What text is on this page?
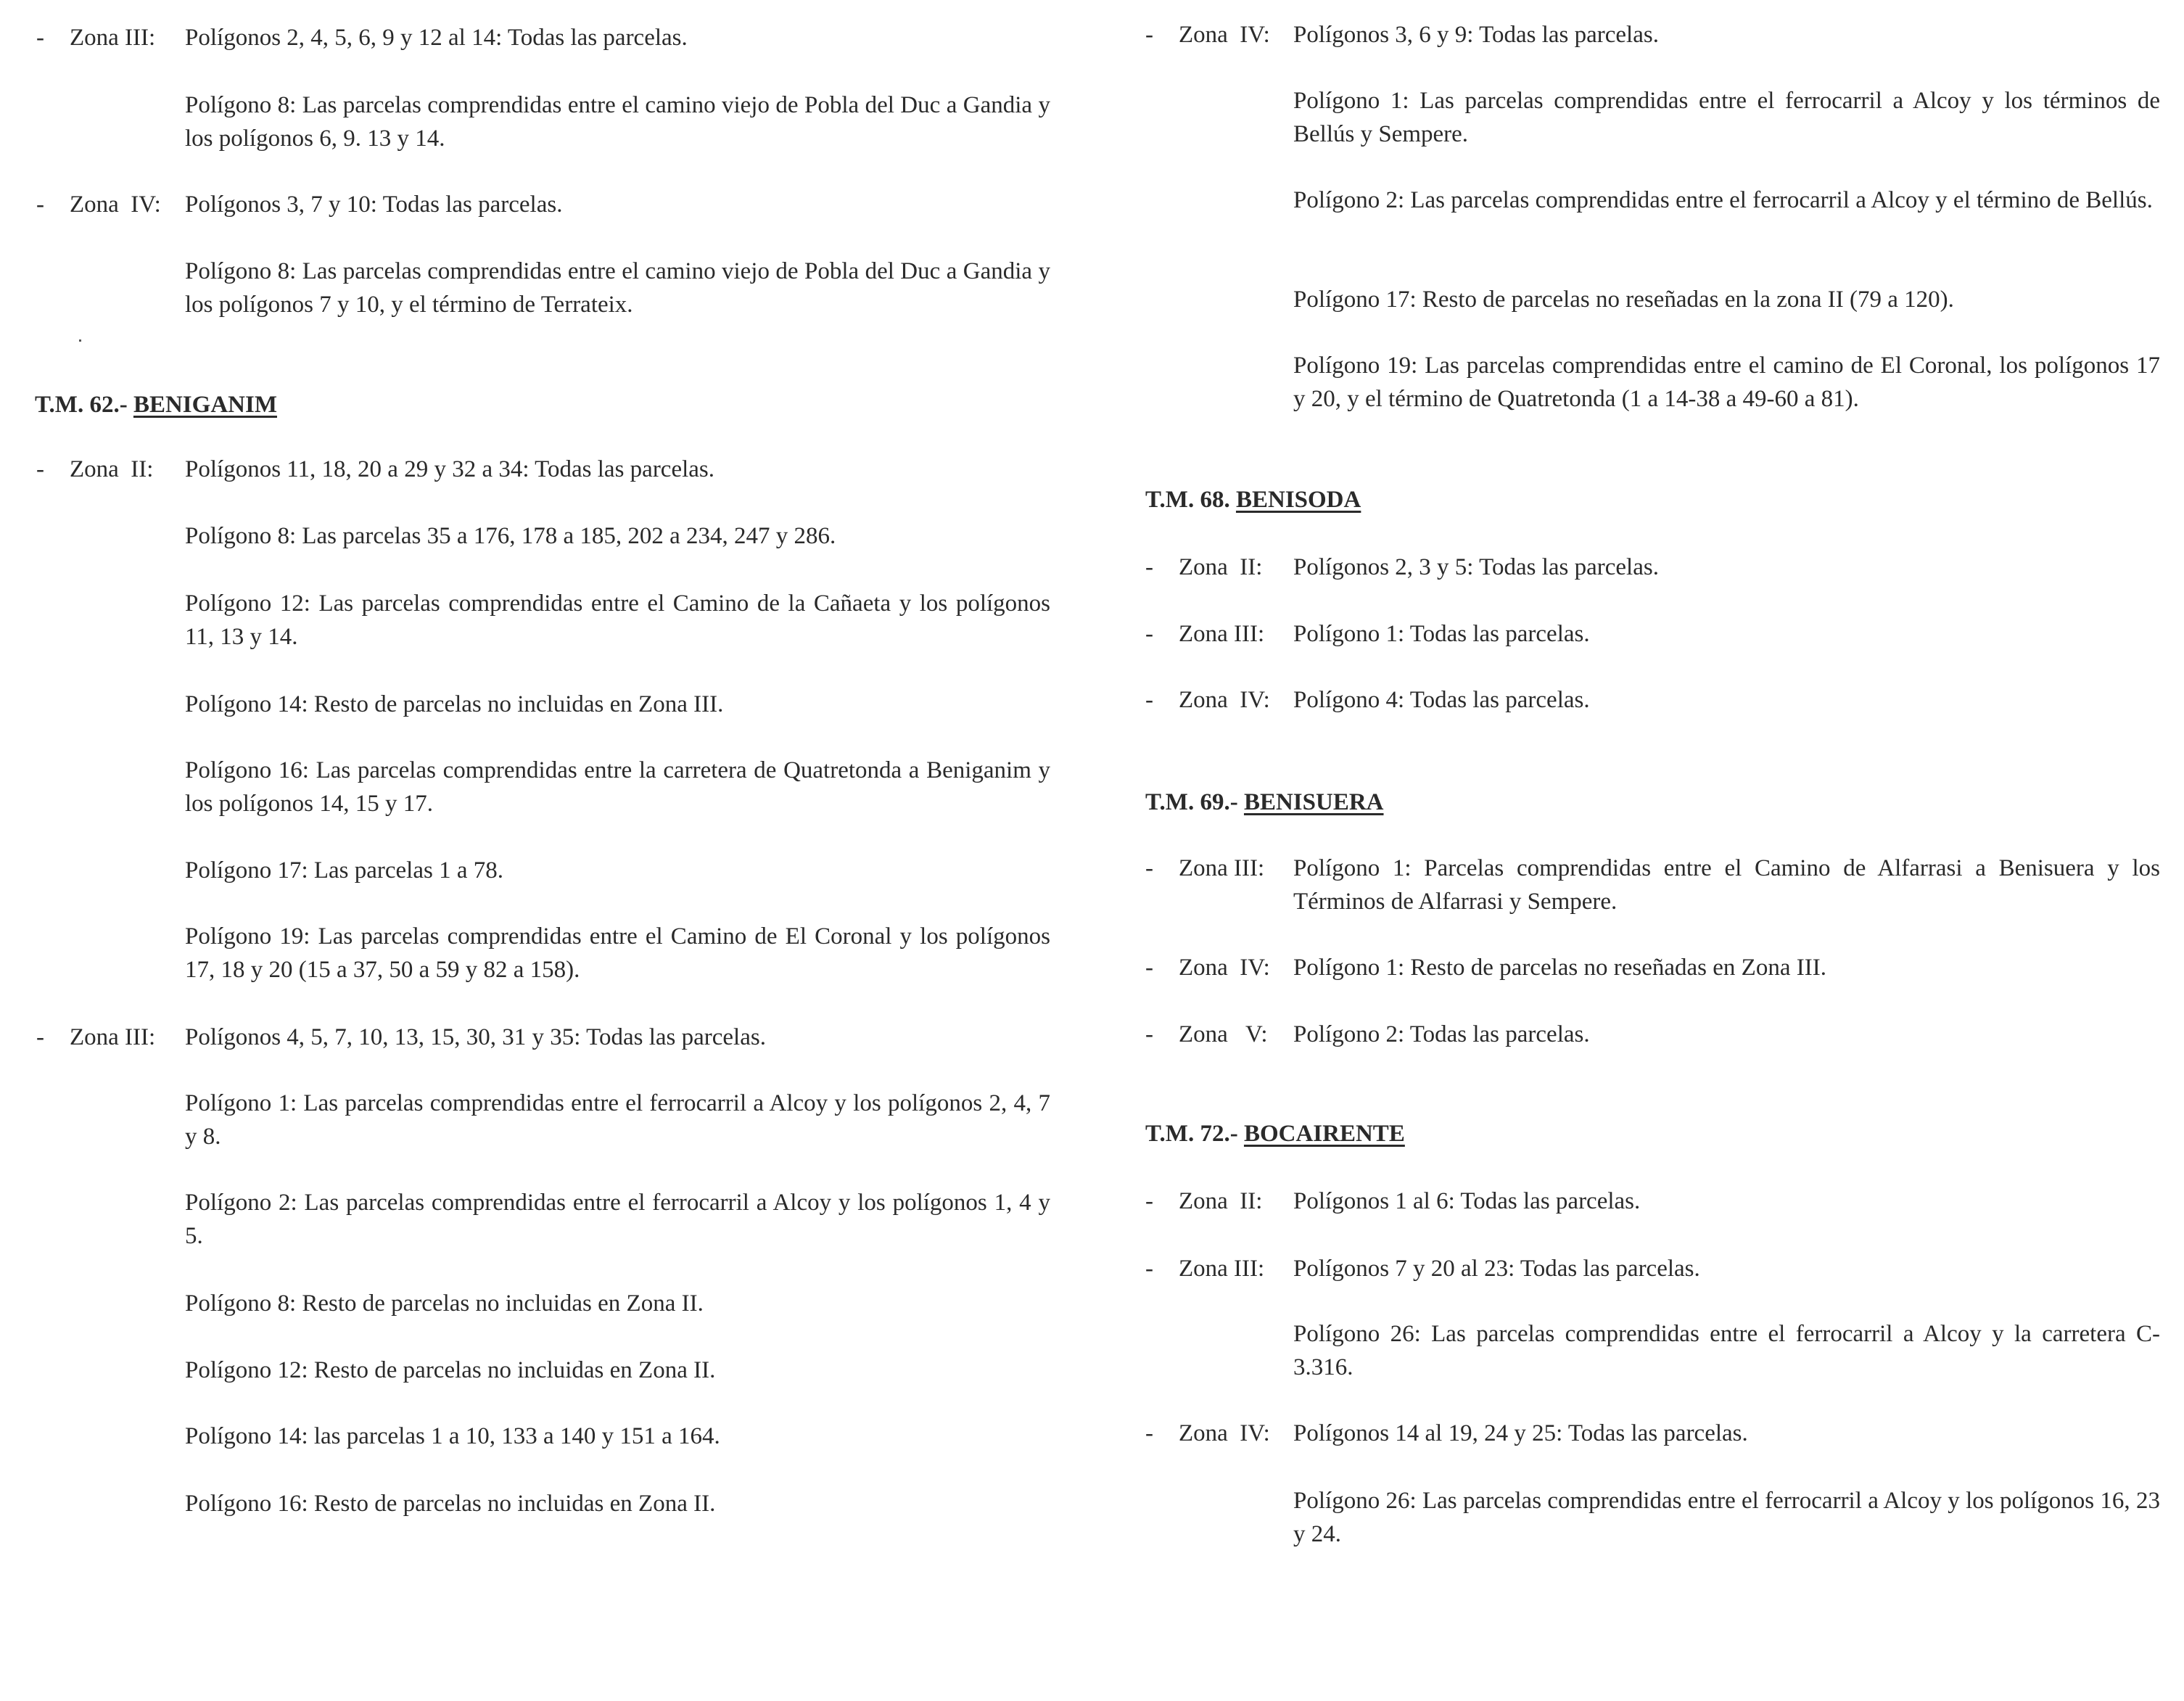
- Zona III: Polígonos 2, 4, 5, 6, 9 y 12 al 14: Todas las parcelas.
Polígono 8: Las parcelas comprendidas entre el camino viejo de Pobla del Duc a Gandia y los polígonos 6, 9. 13 y 14.
- Zona  IV: Polígonos 3, 7 y 10: Todas las parcelas.
Polígono 8: Las parcelas comprendidas entre el camino viejo de Pobla del Duc a Gandia y los polígonos 7 y 10, y el término de Terrateix.
T.M. 62.- BENIGANIM
- Zona  II: Polígonos 11, 18, 20 a 29 y 32 a 34: Todas las parcelas.
Polígono 8: Las parcelas 35 a 176, 178 a 185, 202 a 234, 247 y 286.
Polígono 12: Las parcelas comprendidas entre el Camino de la Cañaeta y los polígonos 11, 13 y 14.
Polígono 14: Resto de parcelas no incluidas en Zona III.
Polígono 16: Las parcelas comprendidas entre la carretera de Quatretonda a Beniganim y los polígonos 14, 15 y 17.
Polígono 17: Las parcelas 1 a 78.
Polígono 19: Las parcelas comprendidas entre el Camino de El Coronal y los polígonos 17, 18 y 20 (15 a 37, 50 a 59 y 82 a 158).
- Zona III: Polígonos 4, 5, 7, 10, 13, 15, 30, 31 y 35: Todas las parcelas.
Polígono 1: Las parcelas comprendidas entre el ferrocarril a Alcoy y los polígonos 2, 4, 7 y 8.
Polígono 2: Las parcelas comprendidas entre el ferrocarril a Alcoy y los polígonos 1, 4 y 5.
Polígono 8: Resto de parcelas no incluidas en Zona II.
Polígono 12: Resto de parcelas no incluidas en Zona II.
Polígono 14: las parcelas 1 a 10, 133 a 140 y 151 a 164.
Polígono 16: Resto de parcelas no incluidas en Zona II.
- Zona  IV: Polígonos 3, 6 y 9: Todas las parcelas.
Polígono 1: Las parcelas comprendidas entre el ferrocarril a Alcoy y los términos de Bellús y Sempere.
Polígono 2: Las parcelas comprendidas entre el ferrocarril a Alcoy y el término de Bellús.
Polígono 17: Resto de parcelas no reseñadas en la zona II (79 a 120).
Polígono 19: Las parcelas comprendidas entre el camino de El Coronal, los polígonos 17 y 20, y el término de Quatretonda (1 a 14-38 a 49-60 a 81).
T.M. 68. BENISODA
- Zona  II: Polígonos 2, 3 y 5: Todas las parcelas.
- Zona III: Polígono 1: Todas las parcelas.
- Zona  IV: Polígono 4: Todas las parcelas.
T.M. 69.- BENISUERA
- Zona III: Polígono 1: Parcelas comprendidas entre el Camino de Alfarrasi a Benisuera y los Términos de Alfarrasi y Sempere.
- Zona  IV: Polígono 1: Resto de parcelas no reseñadas en Zona III.
- Zona   V: Polígono 2: Todas las parcelas.
T.M. 72.- BOCAIRENTE
- Zona  II: Polígonos 1 al 6: Todas las parcelas.
- Zona III: Polígonos 7 y 20 al 23: Todas las parcelas.
Polígono 26: Las parcelas comprendidas entre el ferrocarril a Alcoy y la carretera C-3.316.
- Zona  IV: Polígonos 14 al 19, 24 y 25: Todas las parcelas.
Polígono 26: Las parcelas comprendidas entre el ferrocarril a Alcoy y los polígonos 16, 23 y 24.
